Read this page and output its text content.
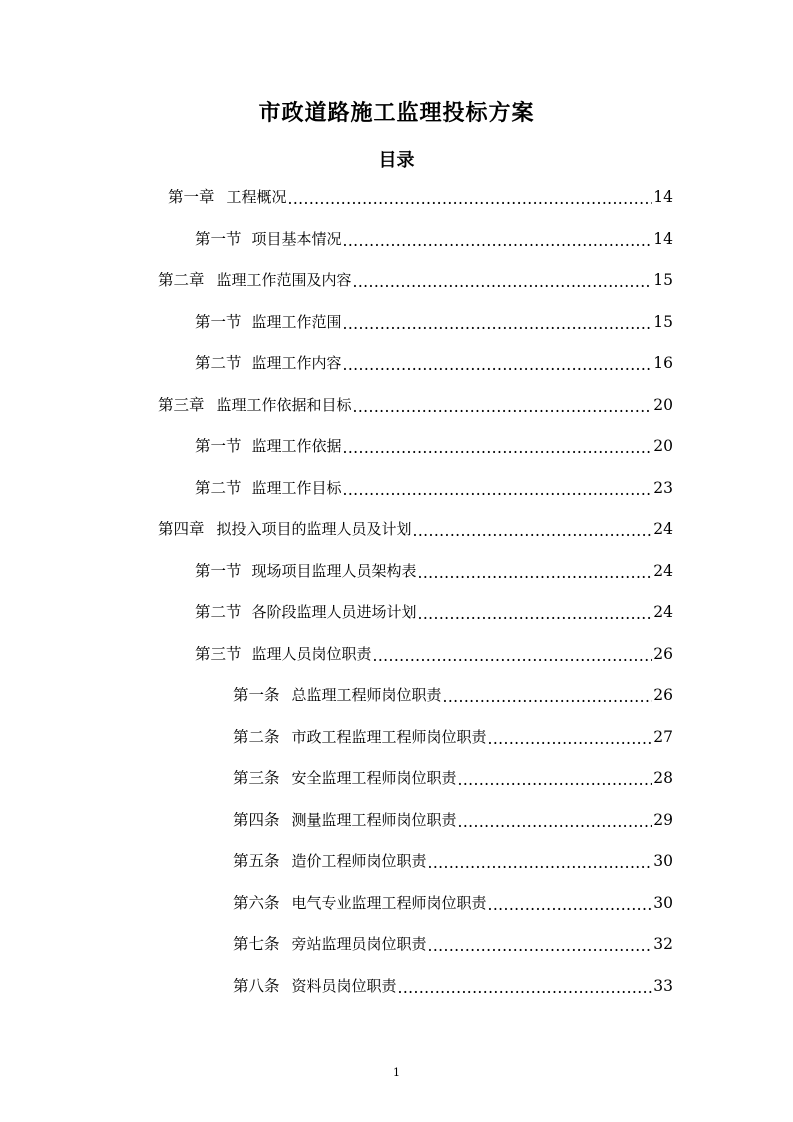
市政道路施工监理投标方案
目录
第一章 工程概况 .....	14
第一节 项目基本情况 .....	14
第二章 监理工作范围及内容 .....	15
第一节 监理工作范围 .....	15
第二节 监理工作内容 .....	16
第三章 监理工作依据和目标 .....	20
第一节 监理工作依据 .....	20
第二节 监理工作目标 .....	23
第四章 拟投入项目的监理人员及计划 .....	24
第一节 现场项目监理人员架构表 .....	24
第二节 各阶段监理人员进场计划 .....	24
第三节 监理人员岗位职责 .....	26
第一条 总监理工程师岗位职责 .....	26
第二条 市政工程监理工程师岗位职责 .....	27
第三条 安全监理工程师岗位职责 .....	28
第四条 测量监理工程师岗位职责 .....	29
第五条 造价工程师岗位职责 .....	30
第六条 电气专业监理工程师岗位职责 .....	30
第七条 旁站监理员岗位职责 .....	32
第八条 资料员岗位职责 .....	33
1
